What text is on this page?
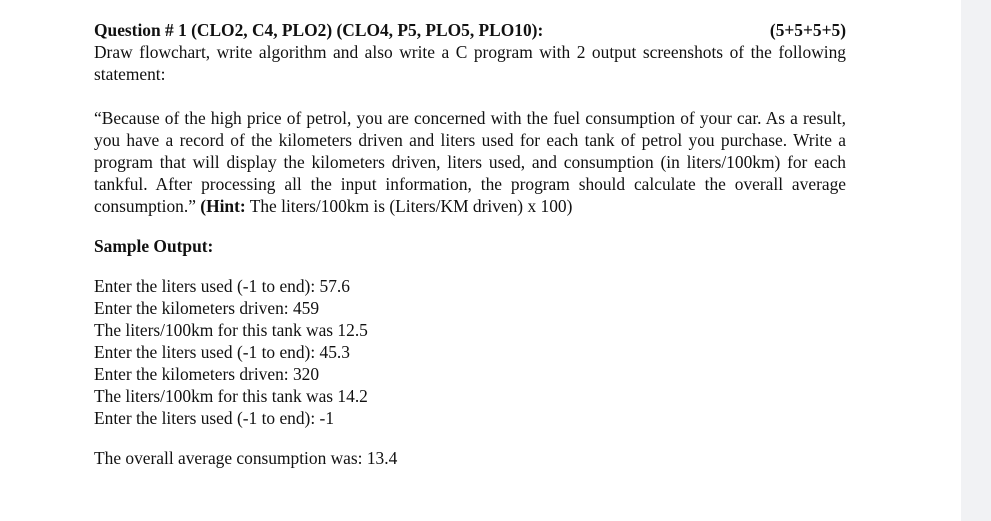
Question # 1 (CLO2, C4, PLO2) (CLO4, P5, PLO5, PLO10):	(5+5+5+5)
Draw flowchart, write algorithm and also write a C program with 2 output screenshots of the following statement:
“Because of the high price of petrol, you are concerned with the fuel consumption of your car. As a result, you have a record of the kilometers driven and liters used for each tank of petrol you purchase. Write a program that will display the kilometers driven, liters used, and consumption (in liters/100km) for each tankful. After processing all the input information, the program should calculate the overall average consumption.” (Hint: The liters/100km is (Liters/KM driven) x 100)
Sample Output:
Enter the liters used (-1 to end): 57.6
Enter the kilometers driven: 459
The liters/100km for this tank was 12.5
Enter the liters used (-1 to end): 45.3
Enter the kilometers driven: 320
The liters/100km for this tank was 14.2
Enter the liters used (-1 to end): -1
The overall average consumption was: 13.4
